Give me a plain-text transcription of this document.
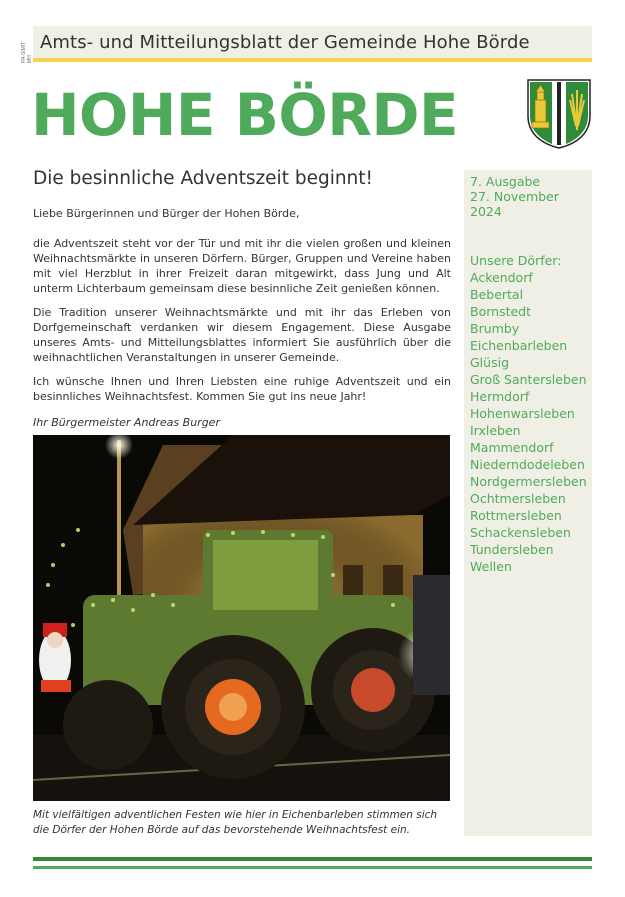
PA-SIMIT MH
Amts- und Mitteilungsblatt der Gemeinde Hohe Börde
HOHE BÖRDE
Die besinnliche Adventszeit beginnt!

Liebe Bürgerinnen und Bürger der Hohen Börde,

die Adventszeit steht vor der Tür und mit ihr die vielen großen und kleinen Weihnachtsmärkte in unseren Dörfern. Bürger, Gruppen und Vereine haben mit viel Herzblut in ihrer Freizeit daran mitgewirkt, dass Jung und Alt unterm Lichterbaum gemeinsam diese besinnliche Zeit genießen können.

Die Tradition unserer Weihnachtsmärkte und mit ihr das Erleben von Dorfgemeinschaft verdanken wir diesem Engagement. Diese Ausgabe unseres Amts- und Mitteilungsblattes informiert Sie ausführlich über die weihnachtlichen Veranstaltungen in unserer Gemeinde.

Ich wünsche Ihnen und Ihren Liebsten eine ruhige Adventszeit und ein besinnliches Weihnachtsfest. Kommen Sie gut ins neue Jahr!

Ihr Bürgermeister Andreas Burger
Mit vielfältigen adventlichen Festen wie hier in Eichenbarleben stimmen sich die Dörfer der Hohen Börde auf das bevorstehende Weihnachtsfest ein.
7. Ausgabe
27. November 2024
Unsere Dörfer:
Ackendorf
Bebertal
Bornstedt
Brumby
Eichenbarleben
Glüsig
Groß Santersleben
Hermdorf
Hohenwarsleben
Irxleben
Mammendorf
Niederndodeleben
Nordgermersleben
Ochtmersleben
Rottmersleben
Schackensleben
Tundersleben
Wellen
